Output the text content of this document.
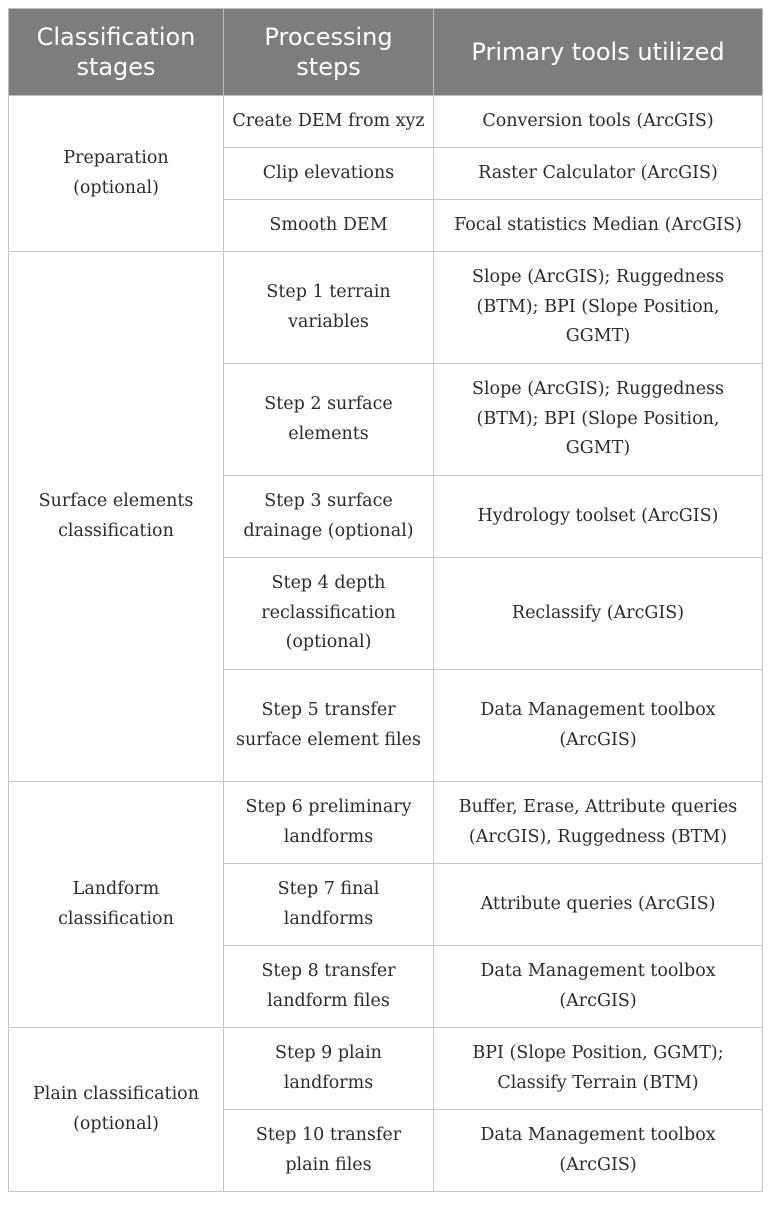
Classification stages	Processing steps	Primary tools utilized
Preparation (optional)	Create DEM from xyz	Conversion tools (ArcGIS)
	Clip elevations	Raster Calculator (ArcGIS)
	Smooth DEM	Focal statistics Median (ArcGIS)
Surface elements classification	Step 1 terrain variables	Slope (ArcGIS); Ruggedness (BTM); BPI (Slope Position, GGMT)
	Step 2 surface elements	Slope (ArcGIS); Ruggedness (BTM); BPI (Slope Position, GGMT)
	Step 3 surface drainage (optional)	Hydrology toolset (ArcGIS)
	Step 4 depth reclassification (optional)	Reclassify (ArcGIS)
	Step 5 transfer surface element files	Data Management toolbox (ArcGIS)
Landform classification	Step 6 preliminary landforms	Buffer, Erase, Attribute queries (ArcGIS), Ruggedness (BTM)
	Step 7 final landforms	Attribute queries (ArcGIS)
	Step 8 transfer landform files	Data Management toolbox (ArcGIS)
Plain classification (optional)	Step 9 plain landforms	BPI (Slope Position, GGMT); Classify Terrain (BTM)
	Step 10 transfer plain files	Data Management toolbox (ArcGIS)
